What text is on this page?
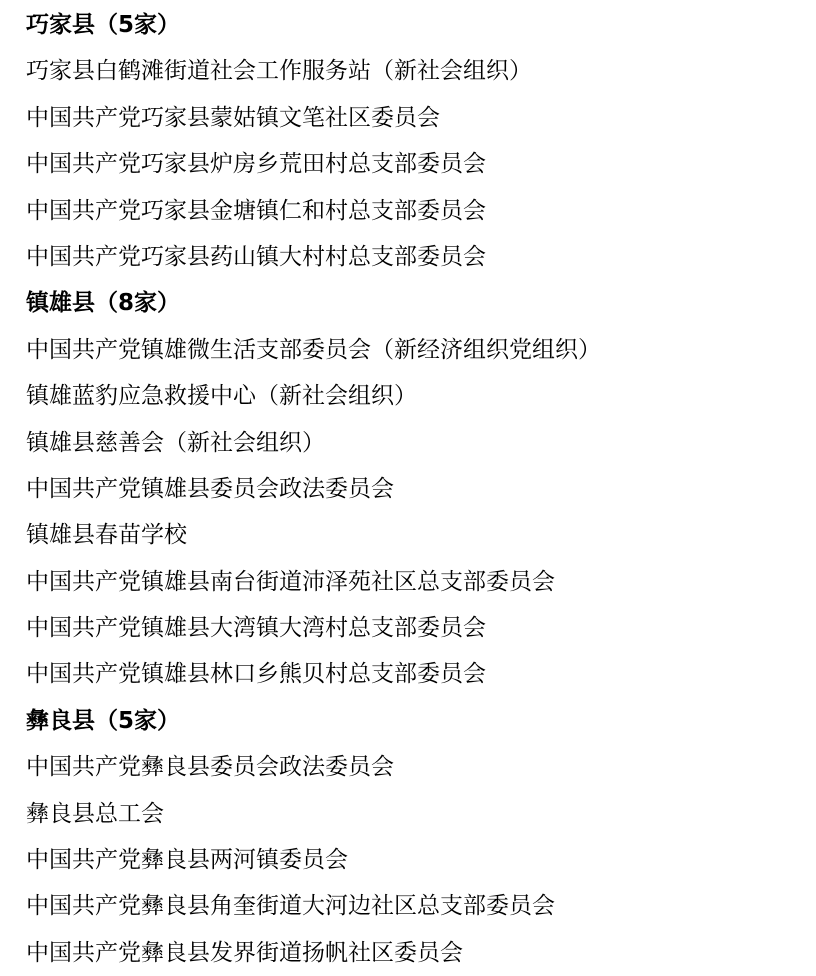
巧家县（5家）

巧家县白鹤滩街道社会工作服务站（新社会组织）

中国共产党巧家县蒙姑镇文笔社区委员会

中国共产党巧家县炉房乡荒田村总支部委员会

中国共产党巧家县金塘镇仁和村总支部委员会

中国共产党巧家县药山镇大村村总支部委员会

镇雄县（8家）

中国共产党镇雄微生活支部委员会（新经济组织党组织）

镇雄蓝豹应急救援中心（新社会组织）

镇雄县慈善会（新社会组织）

中国共产党镇雄县委员会政法委员会

镇雄县春苗学校

中国共产党镇雄县南台街道沛泽苑社区总支部委员会

中国共产党镇雄县大湾镇大湾村总支部委员会

中国共产党镇雄县林口乡熊贝村总支部委员会

彝良县（5家）

中国共产党彝良县委员会政法委员会

彝良县总工会

中国共产党彝良县两河镇委员会

中国共产党彝良县角奎街道大河边社区总支部委员会

中国共产党彝良县发界街道扬帆社区委员会
